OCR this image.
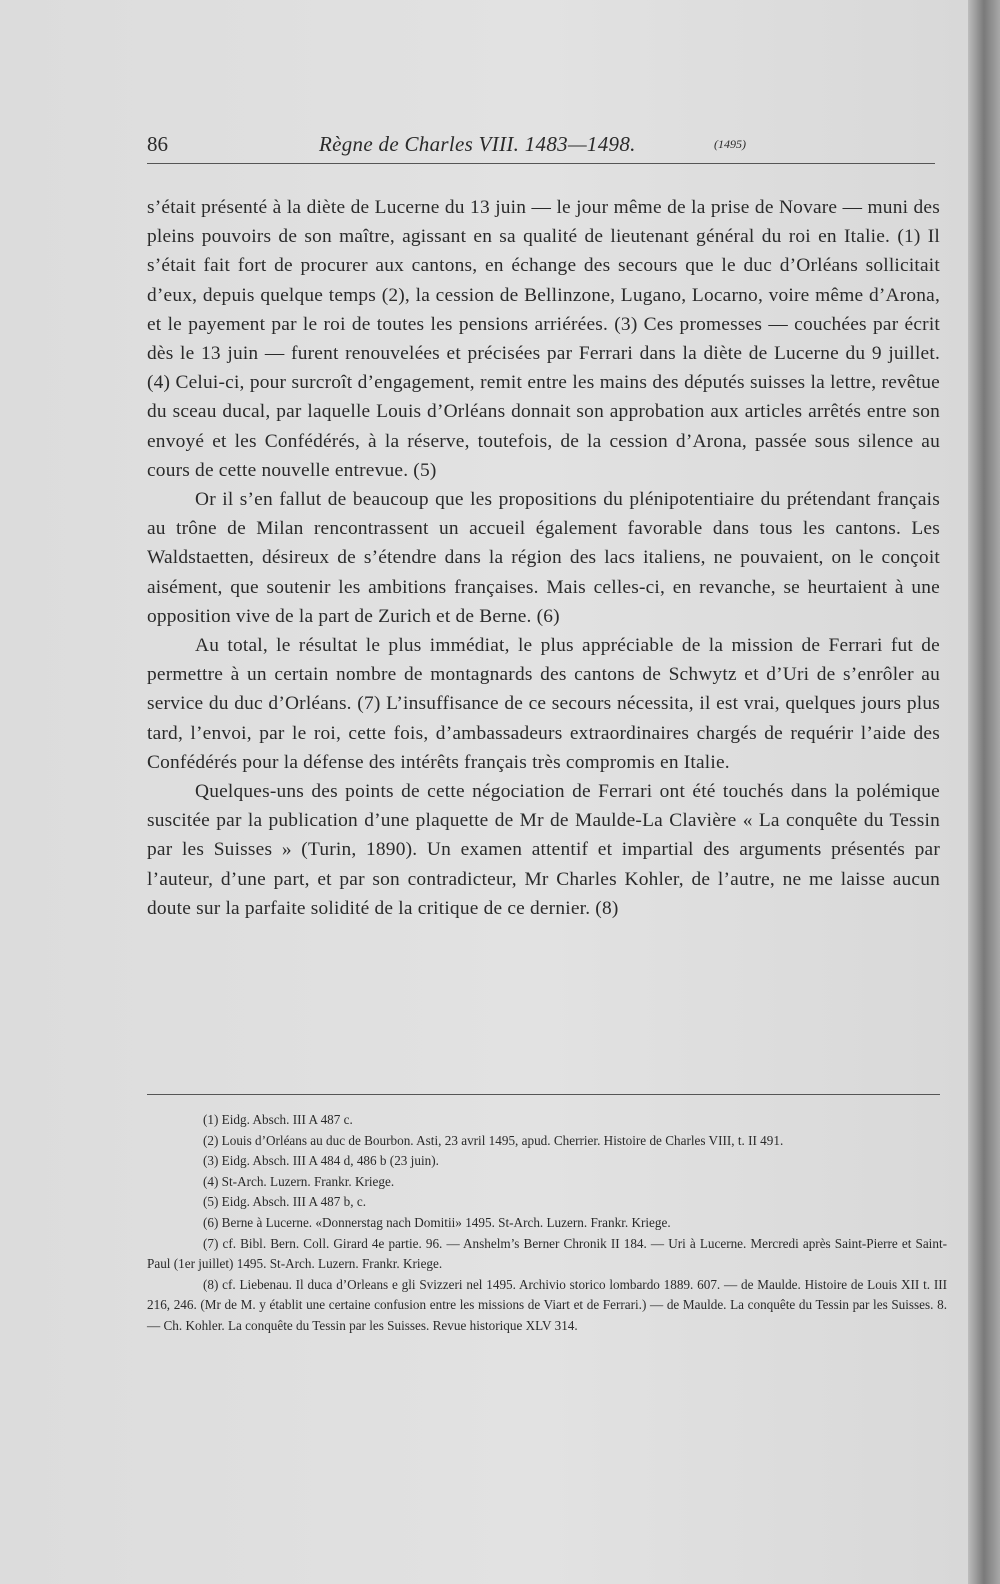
86	Règne de Charles VIII. 1483—1498.	(1495)

s’était présenté à la diète de Lucerne du 13 juin — le jour même de la prise de Novare — muni des pleins pouvoirs de son maître, agissant en sa qualité de lieutenant général du roi en Italie. (1) Il s’était fait fort de procurer aux cantons, en échange des secours que le duc d’Orléans sollicitait d’eux, depuis quelque temps (2), la cession de Bellinzone, Lugano, Locarno, voire même d’Arona, et le payement par le roi de toutes les pensions arriérées. (3) Ces promesses — couchées par écrit dès le 13 juin — furent renouvelées et précisées par Ferrari dans la diète de Lucerne du 9 juillet. (4) Celui-ci, pour surcroît d’engagement, remit entre les mains des députés suisses la lettre, revêtue du sceau ducal, par laquelle Louis d’Orléans donnait son approbation aux articles arrêtés entre son envoyé et les Confédérés, à la réserve, toutefois, de la cession d’Arona, passée sous silence au cours de cette nouvelle entrevue. (5)

Or il s’en fallut de beaucoup que les propositions du plénipotentiaire du prétendant français au trône de Milan rencontrassent un accueil également favorable dans tous les cantons. Les Waldstaetten, désireux de s’étendre dans la région des lacs italiens, ne pouvaient, on le conçoit aisément, que soutenir les ambitions françaises. Mais celles-ci, en revanche, se heurtaient à une opposition vive de la part de Zurich et de Berne. (6)

Au total, le résultat le plus immédiat, le plus appréciable de la mission de Ferrari fut de permettre à un certain nombre de montagnards des cantons de Schwytz et d’Uri de s’enrôler au service du duc d’Orléans. (7) L’insuffisance de ce secours nécessita, il est vrai, quelques jours plus tard, l’envoi, par le roi, cette fois, d’ambassadeurs extraordinaires chargés de requérir l’aide des Confédérés pour la défense des intérêts français très compromis en Italie.

Quelques-uns des points de cette négociation de Ferrari ont été touchés dans la polémique suscitée par la publication d’une plaquette de Mr de Maulde-La Clavière « La conquête du Tessin par les Suisses » (Turin, 1890). Un examen attentif et impartial des arguments présentés par l’auteur, d’une part, et par son contradicteur, Mr Charles Kohler, de l’autre, ne me laisse aucun doute sur la parfaite solidité de la critique de ce dernier. (8)

(1) Eidg. Absch. III A 487 c.

(2) Louis d’Orléans au duc de Bourbon. Asti, 23 avril 1495, apud. Cherrier. Histoire de Charles VIII, t. II 491.

(3) Eidg. Absch. III A 484 d, 486 b (23 juin).

(4) St-Arch. Luzern. Frankr. Kriege.

(5) Eidg. Absch. III A 487 b, c.

(6) Berne à Lucerne. «Donnerstag nach Domitii» 1495. St-Arch. Luzern. Frankr. Kriege.

(7) cf. Bibl. Bern. Coll. Girard 4e partie. 96. — Anshelm’s Berner Chronik II 184. — Uri à Lucerne. Mercredi après Saint-Pierre et Saint-Paul (1er juillet) 1495. St-Arch. Luzern. Frankr. Kriege.

(8) cf. Liebenau. Il duca d’Orleans e gli Svizzeri nel 1495. Archivio storico lombardo 1889. 607. — de Maulde. Histoire de Louis XII t. III 216, 246. (Mr de M. y établit une certaine confusion entre les missions de Viart et de Ferrari.) — de Maulde. La conquête du Tessin par les Suisses. 8. — Ch. Kohler. La conquête du Tessin par les Suisses. Revue historique XLV 314.
